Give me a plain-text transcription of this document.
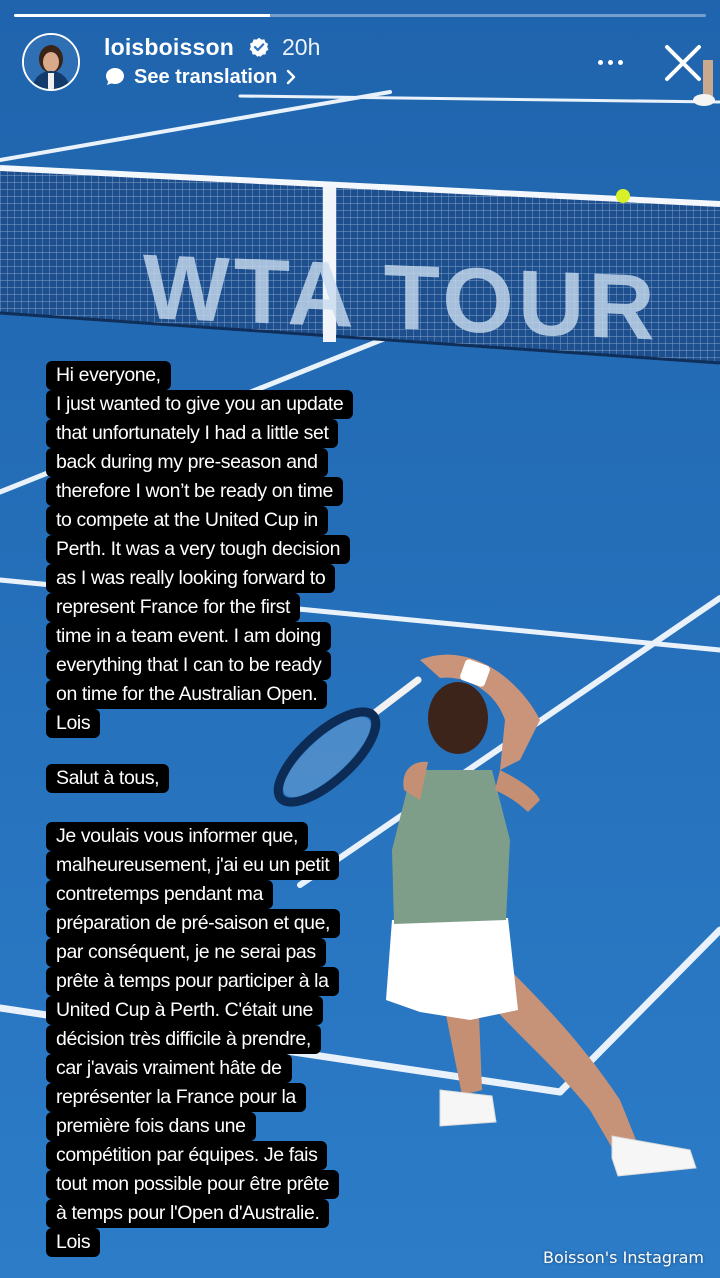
WTA TOUR
loisboisson 20h
See translation
Hi everyone,
I just wanted to give you an update
that unfortunately I had a little set
back during my pre-season and
therefore I won’t be ready on time
to compete at the United Cup in
Perth. It was a very tough decision
as I was really looking forward to
represent France for the first
time in a team event. I am doing
everything that I can to be ready
on time for the Australian Open.
Lois
Salut à tous,
Je voulais vous informer que,
malheureusement, j'ai eu un petit
contretemps pendant ma
préparation de pré-saison et que,
par conséquent, je ne serai pas
prête à temps pour participer à la
United Cup à Perth. C'était une
décision très difficile à prendre,
car j'avais vraiment hâte de
représenter la France pour la
première fois dans une
compétition par équipes. Je fais
tout mon possible pour être prête
à temps pour l'Open d'Australie.
Lois
Boisson's Instagram
